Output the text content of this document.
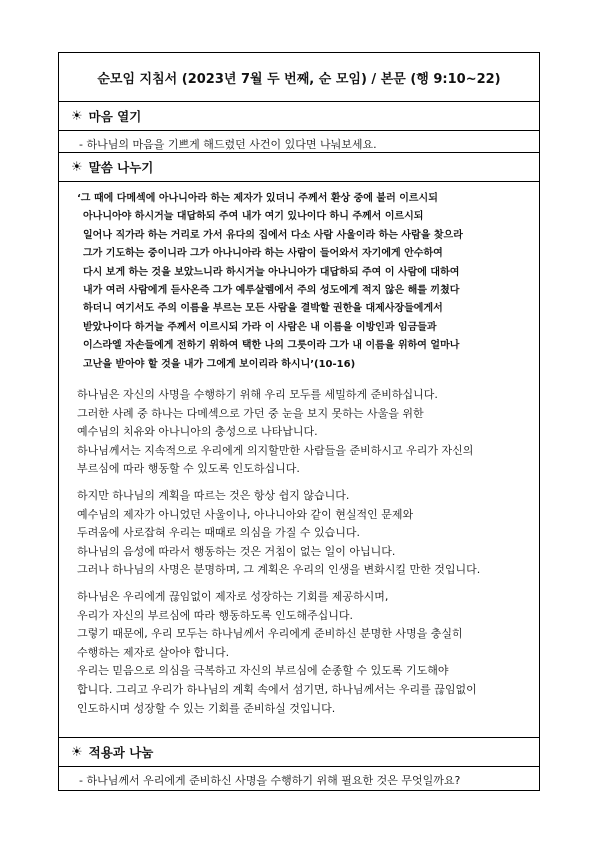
순모임 지침서 (2023년 7월 두 번째, 순 모임) / 본문 (행 9:10~22)
☀ 마음 열기
- 하나님의 마음을 기쁘게 해드렸던 사건이 있다면 나눠보세요.
☀ 말씀 나누기
‘그 때에 다메섹에 아나니아라 하는 제자가 있더니 주께서 환상 중에 불러 이르시되
아나니아야 하시거늘 대답하되 주여 내가 여기 있나이다 하니 주께서 이르시되
일어나 직가라 하는 거리로 가서 유다의 집에서 다소 사람 사울이라 하는 사람을 찾으라
그가 기도하는 중이니라 그가 아나니아라 하는 사람이 들어와서 자기에게 안수하여
다시 보게 하는 것을 보았느니라 하시거늘 아나니아가 대답하되 주여 이 사람에 대하여
내가 여러 사람에게 듣사온즉 그가 예루살렘에서 주의 성도에게 적지 않은 해를 끼쳤다
하더니 여기서도 주의 이름을 부르는 모든 사람을 결박할 권한을 대제사장들에게서
받았나이다 하거늘 주께서 이르시되 가라 이 사람은 내 이름을 이방인과 임금들과
이스라엘 자손들에게 전하기 위하여 택한 나의 그릇이라 그가 내 이름을 위하여 얼마나
고난을 받아야 할 것을 내가 그에게 보이리라 하시니’(10-16)
하나님은 자신의 사명을 수행하기 위해 우리 모두를 세밀하게 준비하십니다.
그러한 사례 중 하나는 다메섹으로 가던 중 눈을 보지 못하는 사울을 위한
예수님의 치유와 아나니아의 충성으로 나타납니다.
하나님께서는 지속적으로 우리에게 의지할만한 사람들을 준비하시고 우리가 자신의
부르심에 따라 행동할 수 있도록 인도하십니다.
하지만 하나님의 계획을 따르는 것은 항상 쉽지 않습니다.
예수님의 제자가 아니었던 사울이나, 아나니아와 같이 현실적인 문제와
두려움에 사로잡혀 우리는 때때로 의심을 가질 수 있습니다.
하나님의 음성에 따라서 행동하는 것은 거침이 없는 일이 아닙니다.
그러나 하나님의 사명은 분명하며, 그 계획은 우리의 인생을 변화시킬 만한 것입니다.
하나님은 우리에게 끊임없이 제자로 성장하는 기회를 제공하시며,
우리가 자신의 부르심에 따라 행동하도록 인도해주십니다.
그렇기 때문에, 우리 모두는 하나님께서 우리에게 준비하신 분명한 사명을 충실히
수행하는 제자로 살아야 합니다.
우리는 믿음으로 의심을 극복하고 자신의 부르심에 순종할 수 있도록 기도해야
합니다. 그리고 우리가 하나님의 계획 속에서 섬기면, 하나님께서는 우리를 끊임없이
인도하시며 성장할 수 있는 기회를 준비하실 것입니다.
☀ 적용과 나눔
- 하나님께서 우리에게 준비하신 사명을 수행하기 위해 필요한 것은 무엇일까요?
